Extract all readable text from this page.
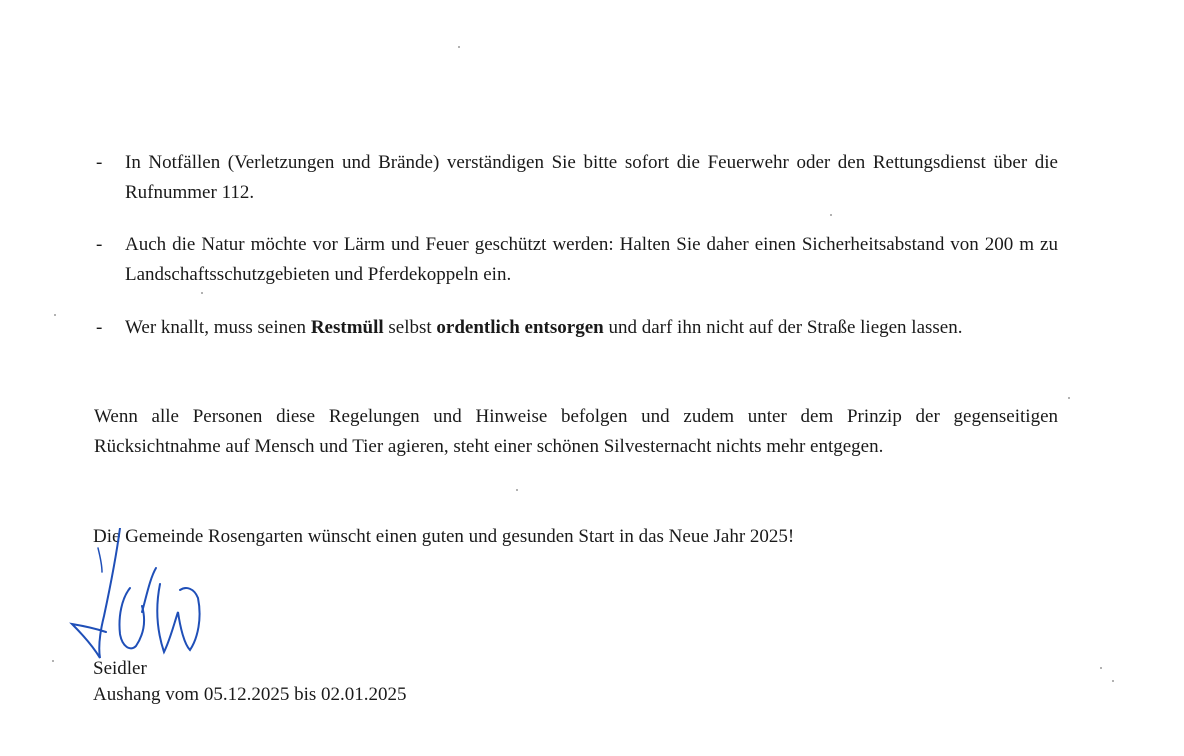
- In Notfällen (Verletzungen und Brände) verständigen Sie bitte sofort die Feuerwehr oder den Rettungsdienst über die Rufnummer 112.
- Auch die Natur möchte vor Lärm und Feuer geschützt werden: Halten Sie daher einen Sicherheitsabstand von 200 m zu Landschaftsschutzgebieten und Pferdekoppeln ein.
- Wer knallt, muss seinen Restmüll selbst ordentlich entsorgen und darf ihn nicht auf der Straße liegen lassen.
Wenn alle Personen diese Regelungen und Hinweise befolgen und zudem unter dem Prinzip der gegenseitigen Rücksichtnahme auf Mensch und Tier agieren, steht einer schönen Silvesternacht nichts mehr entgegen.
Die Gemeinde Rosengarten wünscht einen guten und gesunden Start in das Neue Jahr 2025!
Seidler
Aushang vom 05.12.2025 bis 02.01.2025
